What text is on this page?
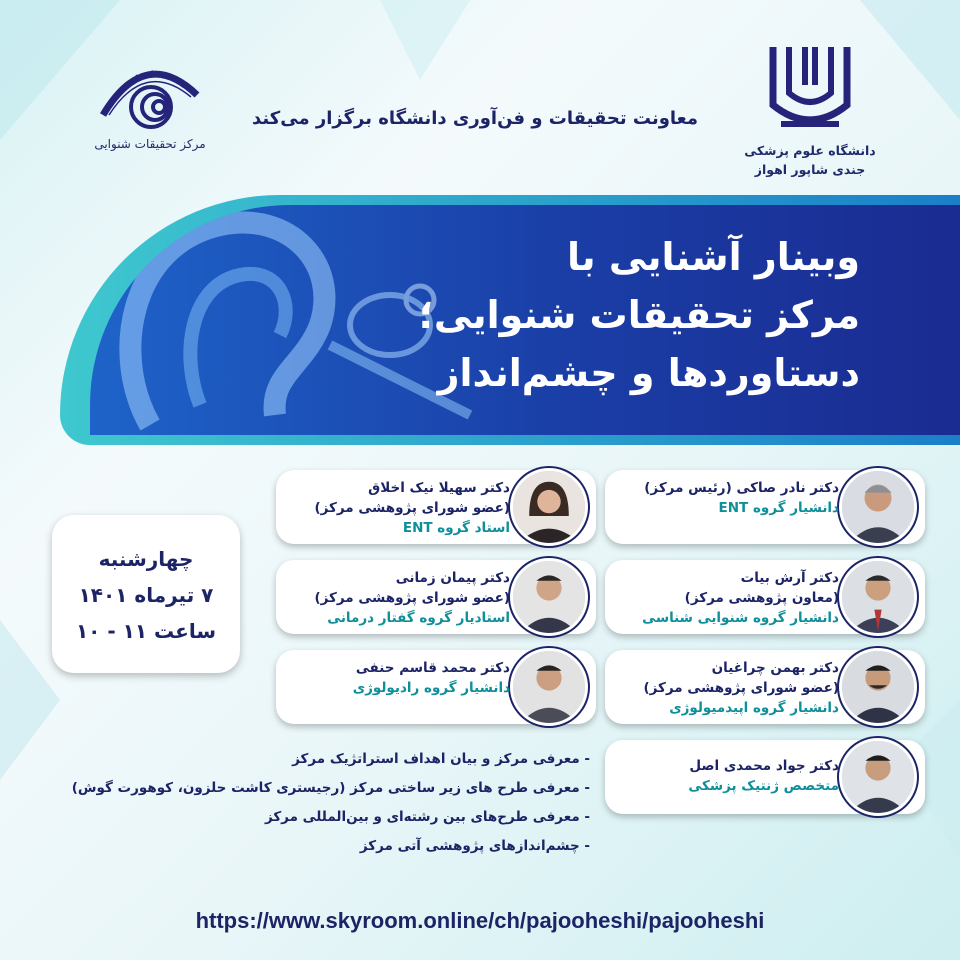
مرکز تحقیقات شنوایی
معاونت تحقیقات و فن‌آوری دانشگاه برگزار می‌کند
دانشگاه علوم پزشکی
جندی شاپور اهواز
وبینار آشنایی با
مرکز تحقیقات شنوایی؛
دستاوردها و چشم‌انداز
چهارشنبه
۷ تیرماه ۱۴۰۱
ساعت ۱۱ - ۱۰
دکتر نادر صاکی (رئیس مرکز)
دانشیار گروه ENT
دکتر سهیلا نیک اخلاق
(عضو شورای پژوهشی مرکز)
استاد گروه ENT
دکتر آرش بیات
(معاون پژوهشی مرکز)
دانشیار گروه شنوایی شناسی
دکتر پیمان زمانی
(عضو شورای پژوهشی مرکز)
استادیار گروه گفتار درمانی
دکتر بهمن چراغیان
(عضو شورای پژوهشی مرکز)
دانشیار گروه اپیدمیولوژی
دکتر محمد قاسم حنفی
دانشیار گروه رادیولوژی
دکتر جواد محمدی اصل
متخصص ژنتیک پزشکی
- معرفی مرکز و بیان اهداف استراتژیک مرکز
- معرفی طرح های زیر ساختی مرکز (رجیستری کاشت حلزون، کوهورت گوش)
- معرفی طرح‌های بین رشته‌ای و بین‌المللی مرکز
- چشم‌اندازهای پژوهشی آتی مرکز
https://www.skyroom.online/ch/pajooheshi/pajooheshi
